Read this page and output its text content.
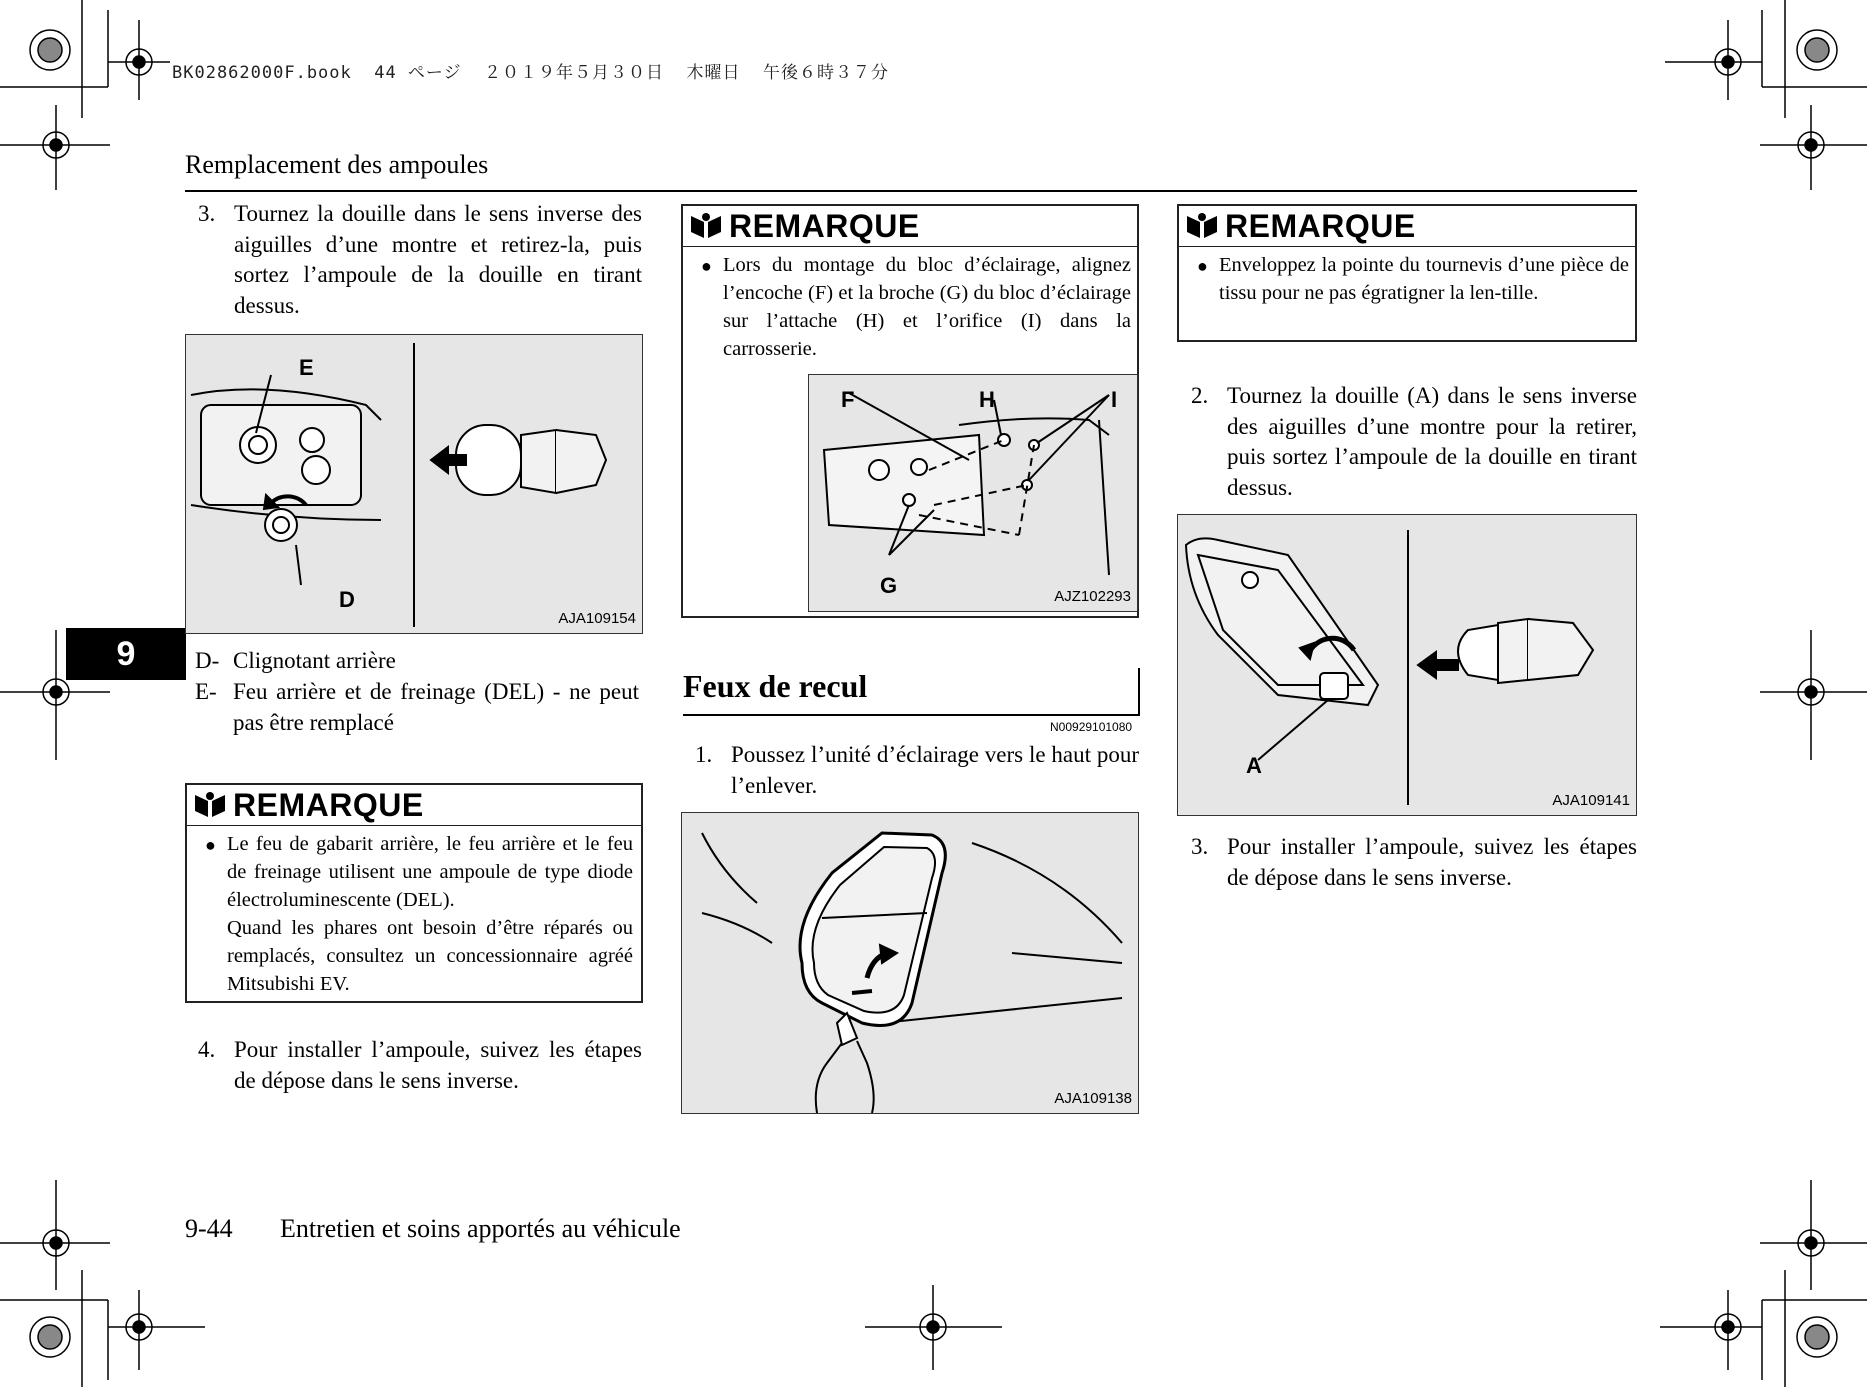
BK02862000F.book  44 ページ  ２０１９年５月３０日  木曜日  午後６時３７分
Remplacement des ampoules
9
3. Tournez la douille dans le sens inverse des aiguilles d’une montre et retirez-la, puis sortez l’ampoule de la douille en tirant dessus.
E
D
AJA109154
D- Clignotant arrière
E- Feu arrière et de freinage (DEL) - ne peut pas être remplacé
REMARQUE
● Le feu de gabarit arrière, le feu arrière et le feu de freinage utilisent une ampoule de type diode électroluminescente (DEL).
Quand les phares ont besoin d’être réparés ou remplacés, consultez un concessionnaire agréé Mitsubishi EV.
4. Pour installer l’ampoule, suivez les étapes de dépose dans le sens inverse.
REMARQUE
● Lors du montage du bloc d’éclairage, alignez l’encoche (F) et la broche (G) du bloc d’éclairage sur l’attache (H) et l’orifice (I) dans la carrosserie.
F	H	I
G	AJZ102293
Feux de recul
N00929101080
1. Poussez l’unité d’éclairage vers le haut pour l’enlever.
AJA109138
REMARQUE
● Enveloppez la pointe du tournevis d’une pièce de tissu pour ne pas égratigner la len-tille.
2. Tournez la douille (A) dans le sens inverse des aiguilles d’une montre pour la retirer, puis sortez l’ampoule de la douille en tirant dessus.
A
AJA109141
3. Pour installer l’ampoule, suivez les étapes de dépose dans le sens inverse.
9-44 Entretien et soins apportés au véhicule
